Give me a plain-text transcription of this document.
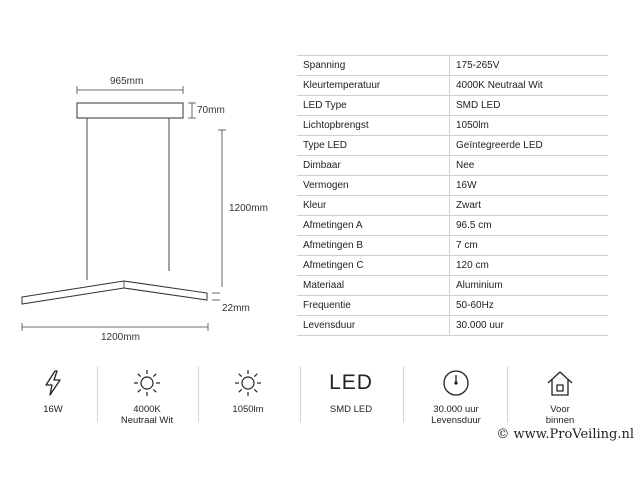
965mm
70mm
1200mm
22mm
1200mm
Spanning	175-265V
Kleurtemperatuur	4000K Neutraal Wit
LED Type	SMD LED
Lichtopbrengst	1050lm
Type LED	Geïntegreerde LED
Dimbaar	Nee
Vermogen	16W
Kleur	Zwart
Afmetingen A	96.5 cm
Afmetingen B	7 cm
Afmetingen C	120 cm
Materiaal	Aluminium
Frequentie	50-60Hz
Levensduur	30.000 uur
16W	4000K
Neutraal Wit
1050lm
LED
SMD LED	30.000 uur
Levensduur
Voor
binnen
© www.ProVeiling.nl
